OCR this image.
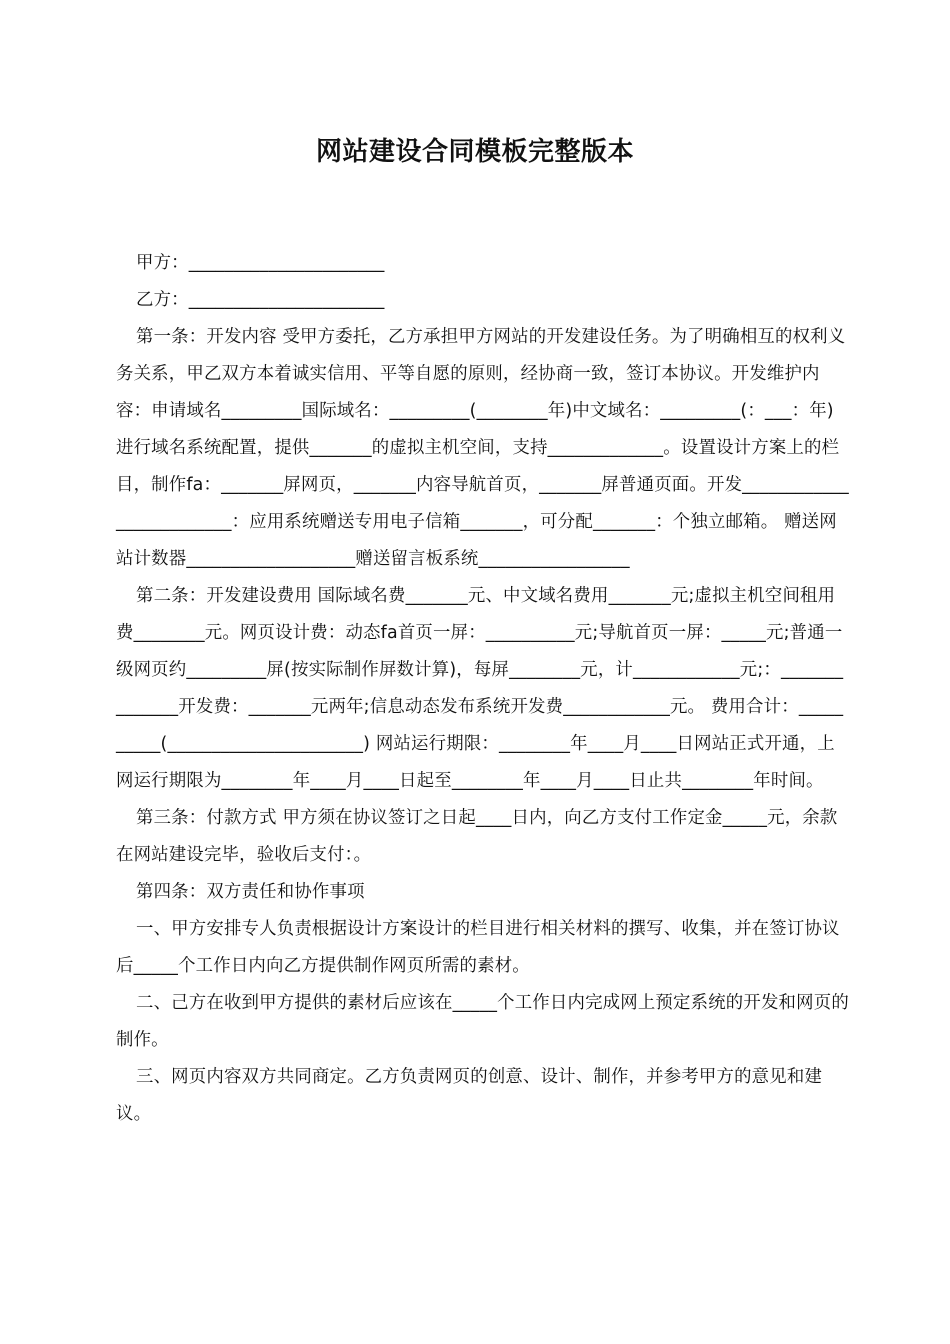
网站建设合同模板完整版本

甲方：______________________

乙方：______________________

第一条：开发内容 受甲方委托，乙方承担甲方网站的开发建设任务。为了明确相互的权利义务关系，甲乙双方本着诚实信用、平等自愿的原则，经协商一致，签订本协议。开发维护内容：申请域名_________国际域名：_________(________年)中文域名：_________(：___：年) 进行域名系统配置，提供_______的虚拟主机空间，支持_____________。设置设计方案上的栏目，制作fa：_______屏网页，_______内容导航首页，_______屏普通页面。开发_________________________：应用系统赠送专用电子信箱_______，可分配_______：个独立邮箱。 赠送网站计数器___________________赠送留言板系统_________________

第二条：开发建设费用 国际域名费_______元、中文域名费用_______元;虚拟主机空间租用费________元。网页设计费：动态fa首页一屏：__________元;导航首页一屏：_____元;普通一级网页约_________屏(按实际制作屏数计算)，每屏________元，计____________元;：______________开发费：_______元两年;信息动态发布系统开发费____________元。 费用合计：__________(______________________) 网站运行期限：________年____月____日网站正式开通，上网运行期限为________年____月____日起至________年____月____日止共________年时间。

第三条：付款方式 甲方须在协议签订之日起____日内，向乙方支付工作定金_____元，余款在网站建设完毕，验收后支付：。

第四条：双方责任和协作事项

一、甲方安排专人负责根据设计方案设计的栏目进行相关材料的撰写、收集，并在签订协议后_____个工作日内向乙方提供制作网页所需的素材。

二、己方在收到甲方提供的素材后应该在_____个工作日内完成网上预定系统的开发和网页的制作。

三、网页内容双方共同商定。乙方负责网页的创意、设计、制作，并参考甲方的意见和建议。
